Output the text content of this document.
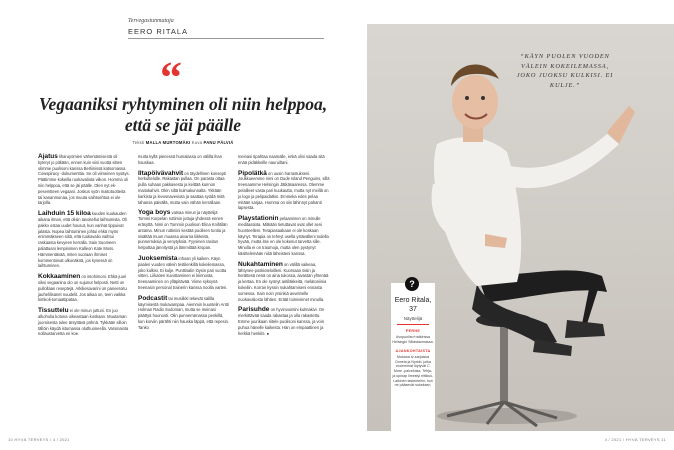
Tervegastunmataja
EERO RITALA
“
Vegaaniksi ryhtyminen oli niin helppoa, että se jäi päälle
Teksti MALLA MURTOMÄKI Kuva PANU PÄLVIÄ

Ajatus liharuyömien vähentämisestä oli kyteryt jo pitkään, ennen kuin viisi vuotta sitten olimme puolisoni kanssa Berliinissä katsomassa Cowspiracy -dokumenttia. Se oli viimeinen sysäys. Päätimme kokeilla ruokavaliota viikon. Homma oli niin helppoa, että se jäi päälle. Olen nyt ek-pesemtteen vegaani. Joskus syön maitotuotteita tai kananmunaa, jos muuta vaihtoehtoa ei ole tarjolla.

Laihduin 15 kiloa kuuden kuukauden aikana ilman, että olisin tavoitellut laihtumista. Oli pakko ostaa uudet housut, kun vanhat tippuivat jalasta. Nopea laihtuminen johtui ehkä myös enimmäkseen siitä, että ruokavalio vaihtui raskaasta kevyeen kerralla. Sain Suomeen palattuani lempinimen Kalleon Kate Moss. Hämmentävää, miten suoraan ihmiset kommentoivat ulkonäköä, jos kysessä on laihtuminen.

Kokkaaminen on intohimoni. Ehkä juuri siksi vegaanina olo on sujunut helposti. Netti on pullollaan reseptejä. Arkiliesavarini on paneeroitu jauhelilisanet nuudelit. Jos aikaa on, teen vaikka kimkoli-tomaattipataa.

Tissuttelu ei ole minun juttuni. En juo alkoholia kotona oikeastaan koskaan. Muutaman juomisesta tulee ärsyttävä pöhnä. Tykkään silloin tällöin käydä istumassa oluthuoneella. Varsinainta nollaustarvetta en koe.

mutta kyllä pienessä humalassa on välillä ihan hauskaa.

Iltapöivävahvit on täydellinen konsepti herkuttelulle. Rakastan pullaa. On parasta ottaa pulla suhaan pakkasesta ja keittää kunnon maitokahvit. Olen siltä kulmakunnalta. Ykkään karkista ja levosnavesiota ja saattaa syödä mitä tahansa päivällä, mutta vain vähän kerrallaan.

Yoga boys vatsaa minun ja näyttelijä Tommi Korpelan ruttimin juttuja yhdessä ennen eräsyttä. Nimi on Tommin puolison Elina Knihtilän antama. Minun ruttiniini kestää puolisen tuntia ja sisältää muun muassa aivarna liikkeitä, punnerruksia ja venytyksiä. Fyysinen rasitus helpottaa jännitystä ja lämmittää kropan.

Juoksemista inhoan yli kaiken. Käyn paalen vuoden välein testilenkillä kokeilemassa, joko kulkisi. Ei kulje. Punttisalin löysin pari vuotta sitten. Liikaöen kuvottaminen ei kiinnosta, treenaaminen on ylläpitävää. Viime syksynä treenasin personal trainerin kanssa noolla varten.

Podcastit tai musiikki tekevät salilla käymisestä mukavampaa. Aiemmin kuuntelin Antti Holman Radio Sodoman, mutta se meinasi päättyä huonosti. Olin punnerramassa penkillä, kun korviin pärähti niin hauska läppä, että repesin. Tanko

meinasi tipahtaa naamalle, enkä olisi saada sitä enää pidäkkeille nauruiltani.

Pipolätkä on uusin harrastukseni. Joukkueemme nimi on Dude Island Penguins, sillä treenaamme Helsingin Jätkäsaaressa. Olemme pelailleet vasta pari kuukautta, mutta nyt meillä on jo logo ja pelipaidatkin. Emmeka edes pelaa mitään sarjaa. Homma on siis lähinnyt pahanti lapsesta.

Playstationin pelaaminen on minulle meditaatiota. Mitkään tietuttavat ovat ollet seni huonteelleni. Terapiasaakaan ei ole koskaan käynyt. Terapia on tehnyt usella ystävälleni todella hyvää, mutta itse en ole kokenut tarvetta sille. Minulla ei on traumoja, mutta olen pystynyt käsittelemään niitä läheisteni kanssa.

Nukahtaminen on välillä vaikeaa, lähtynee poskioteloilleni. Kuorsaan öisin ja herättesä nenä on aina tukossa, aivastan yhtenää ja kertaa. En ole syönyt antiläkkeitä, melatoniinia kokeilin. Korran kyssin nukahtamiseni ennasta somessa. Sain noin yrsinkiä avvetnelle nuokavaliosta lähtien. Eräät toimivinnet minulla.

Parisuhde on hyvinvointini kulmakivi. On merkittävää saada rakastaa ja olla rakastettu. Emme juurikaan riitele puolisoni kanssa, ja voin puhua hänelle kaikesta. Hän on empaattinen ja herkkä henkilö. ●

10 HYVÄ TERVEYS / 4 / 2021
“KÄYN PUOLEN VUODEN VÄLEIN KOKEILEMASSA, JOKO JUOKSU KULKISI. EI KULJE.”
?
Eero Ritala,
37
Näyttelijä
PERHE
Avopuoliso+ratkirissa Helsingin Silfastaomassa.
AJANKOHTAISTA
Mukana tv-sarjoissa Onnela ja Nyrkki, jotka molemmat löytyvät C More -palvelusta. Tehja- ja opinap ilmestyi elitikuu-Laikinen lastentehin, kun ne pääsevät sukeksen.
4 / 2021 / HYVÄ TERVEYS 11
